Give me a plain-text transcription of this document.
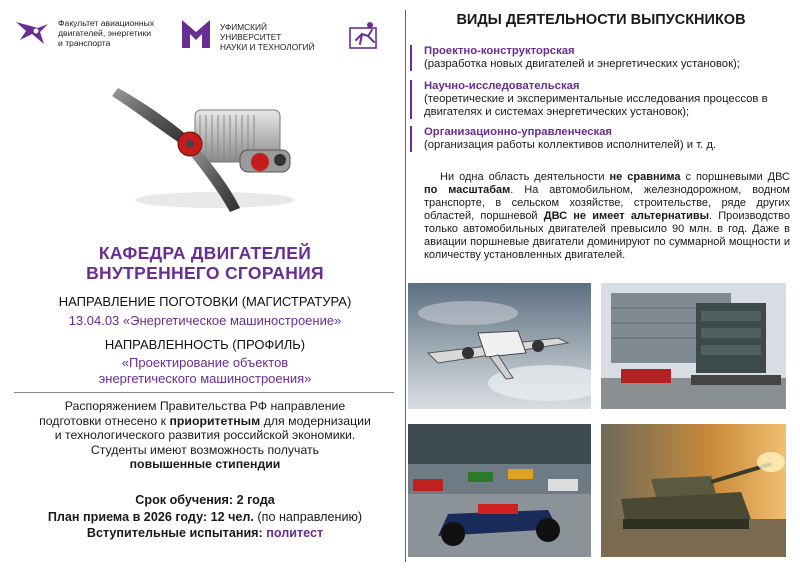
Факультет авиационных
двигателей, энергетики
и транспорта
УФИМСКИЙ
УНИВЕРСИТЕТ
НАУКИ И ТЕХНОЛОГИЙ
КАФЕДРА ДВИГАТЕЛЕЙ
ВНУТРЕННЕГО СГОРАНИЯ
НАПРАВЛЕНИЕ ПОГОТОВКИ (МАГИСТРАТУРА)
13.04.03 «Энергетическое машиностроение»
НАПРАВЛЕННОСТЬ (ПРОФИЛЬ)
«Проектирование объектов
энергетического машиностроения»
Распоряжением Правительства РФ направление
подготовки отнесено к приоритетным для модернизации
и технологического развития российской экономики.
Студенты имеют возможность получать
повышенные стипендии
Срок обучения: 2 года
План приема в 2026 году: 12 чел. (по направлению)
Вступительные испытания: политест
ВИДЫ ДЕЯТЕЛЬНОСТИ ВЫПУСКНИКОВ
Проектно-конструкторская
(разработка новых двигателей и энергетических установок);
Научно-исследовательская
(теоретические и экспериментальные исследования процессов в двигателях и системах энергетических установок);
Организационно-управленческая
(организация работы коллективов исполнителей) и т. д.
Ни одна область деятельности не сравнима с поршневыми ДВС по масштабам. На автомобильном, железнодорожном, водном транспорте, в сельском хозяйстве, строительстве, ряде других областей, поршневой ДВС не имеет альтернативы. Производство только автомобильных двигателей превысило 90 млн. в год. Даже в авиации поршневые двигатели доминируют по суммарной мощности и количеству установленных двигателей.
